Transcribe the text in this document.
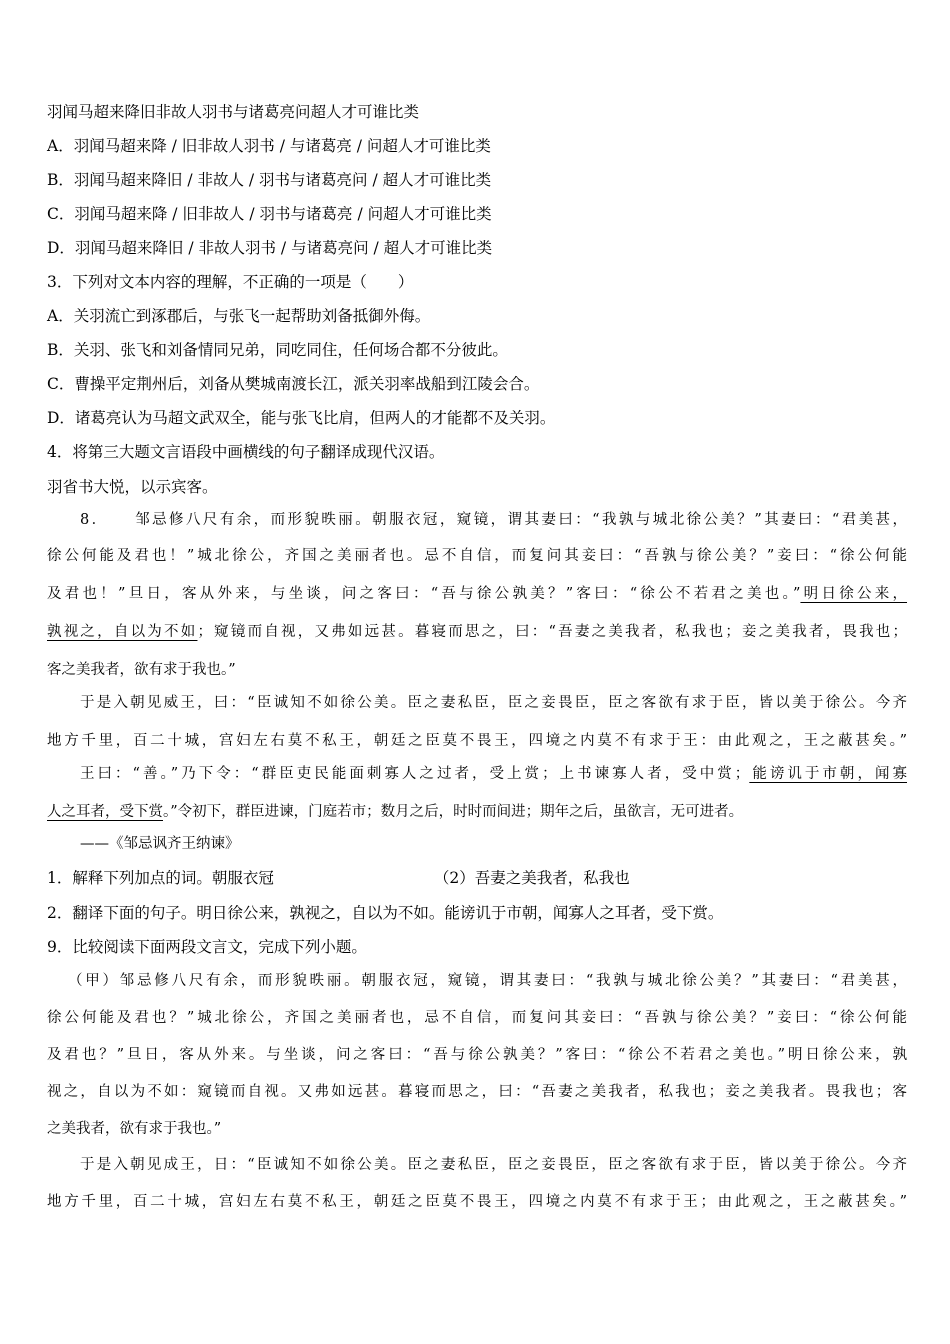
羽闻马超来降旧非故人羽书与诸葛亮问超人才可谁比类
A．羽闻马超来降 / 旧非故人羽书 / 与诸葛亮 / 问超人才可谁比类
B．羽闻马超来降旧 / 非故人 / 羽书与诸葛亮问 / 超人才可谁比类
C．羽闻马超来降 / 旧非故人 / 羽书与诸葛亮 / 问超人才可谁比类
D．羽闻马超来降旧 / 非故人羽书 / 与诸葛亮问 / 超人才可谁比类
3．下列对文本内容的理解，不正确的一项是（　　）
A．关羽流亡到涿郡后，与张飞一起帮助刘备抵御外侮。
B．关羽、张飞和刘备情同兄弟，同吃同住，任何场合都不分彼此。
C．曹操平定荆州后，刘备从樊城南渡长江，派关羽率战船到江陵会合。
D．诸葛亮认为马超文武双全，能与张飞比肩，但两人的才能都不及关羽。
4．将第三大题文言语段中画横线的句子翻译成现代汉语。
羽省书大悦，以示宾客。
8．　　 邹忌修八尺有余，而形貌昳丽。朝服衣冠，窥镜，谓其妻曰：“我孰与城北徐公美？”其妻曰：“君美甚，
徐公何能及君也！”城北徐公，齐国之美丽者也。忌不自信，而复问其妾曰：“吾孰与徐公美？”妾曰：“徐公何能
及君也！”旦日，客从外来，与坐谈，问之客曰：“吾与徐公孰美？”客曰：“徐公不若君之美也。”明日徐公来，
孰视之，自以为不如；窥镜而自视，又弗如远甚。暮寝而思之，曰：“吾妻之美我者，私我也；妾之美我者，畏我也；
客之美我者，欲有求于我也。”
于是入朝见威王，曰：“臣诚知不如徐公美。臣之妻私臣，臣之妾畏臣，臣之客欲有求于臣，皆以美于徐公。今齐
地方千里，百二十城，宫妇左右莫不私王，朝廷之臣莫不畏王，四境之内莫不有求于王：由此观之，王之蔽甚矣。”
王曰：“善。”乃下令：“群臣吏民能面刺寡人之过者，受上赏；上书谏寡人者，受中赏；能谤讥于市朝，闻寡
人之耳者，受下赏。”令初下，群臣进谏，门庭若市；数月之后，时时而间进；期年之后，虽欲言，无可进者。
——《邹忌讽齐王纳谏》
1．解释下列加点的词。朝服衣冠	（2）吾妻之美我者，私我也
2．翻译下面的句子。明日徐公来，孰视之，自以为不如。能谤讥于市朝，闻寡人之耳者，受下赏。
9．比较阅读下面两段文言文，完成下列小题。
（甲）邹忌修八尺有余，而形貌昳丽。朝服衣冠，窥镜，谓其妻曰：“我孰与城北徐公美？”其妻曰：“君美甚，
徐公何能及君也？”城北徐公，齐国之美丽者也，忌不自信，而复问其妾曰：“吾孰与徐公美？”妾曰：“徐公何能
及君也？”旦日，客从外来。与坐谈，问之客曰：“吾与徐公孰美？”客曰：“徐公不若君之美也。”明日徐公来，孰
视之，自以为不如：窥镜而自视。又弗如远甚。暮寝而思之，曰：“吾妻之美我者，私我也；妾之美我者。畏我也；客
之美我者，欲有求于我也。”
于是入朝见成王，日：“臣诚知不如徐公美。臣之妻私臣，臣之妾畏臣，臣之客欲有求于臣，皆以美于徐公。今齐
地方千里，百二十城，宫妇左右莫不私王，朝廷之臣莫不畏王，四境之内莫不有求于王；由此观之，王之蔽甚矣。”
